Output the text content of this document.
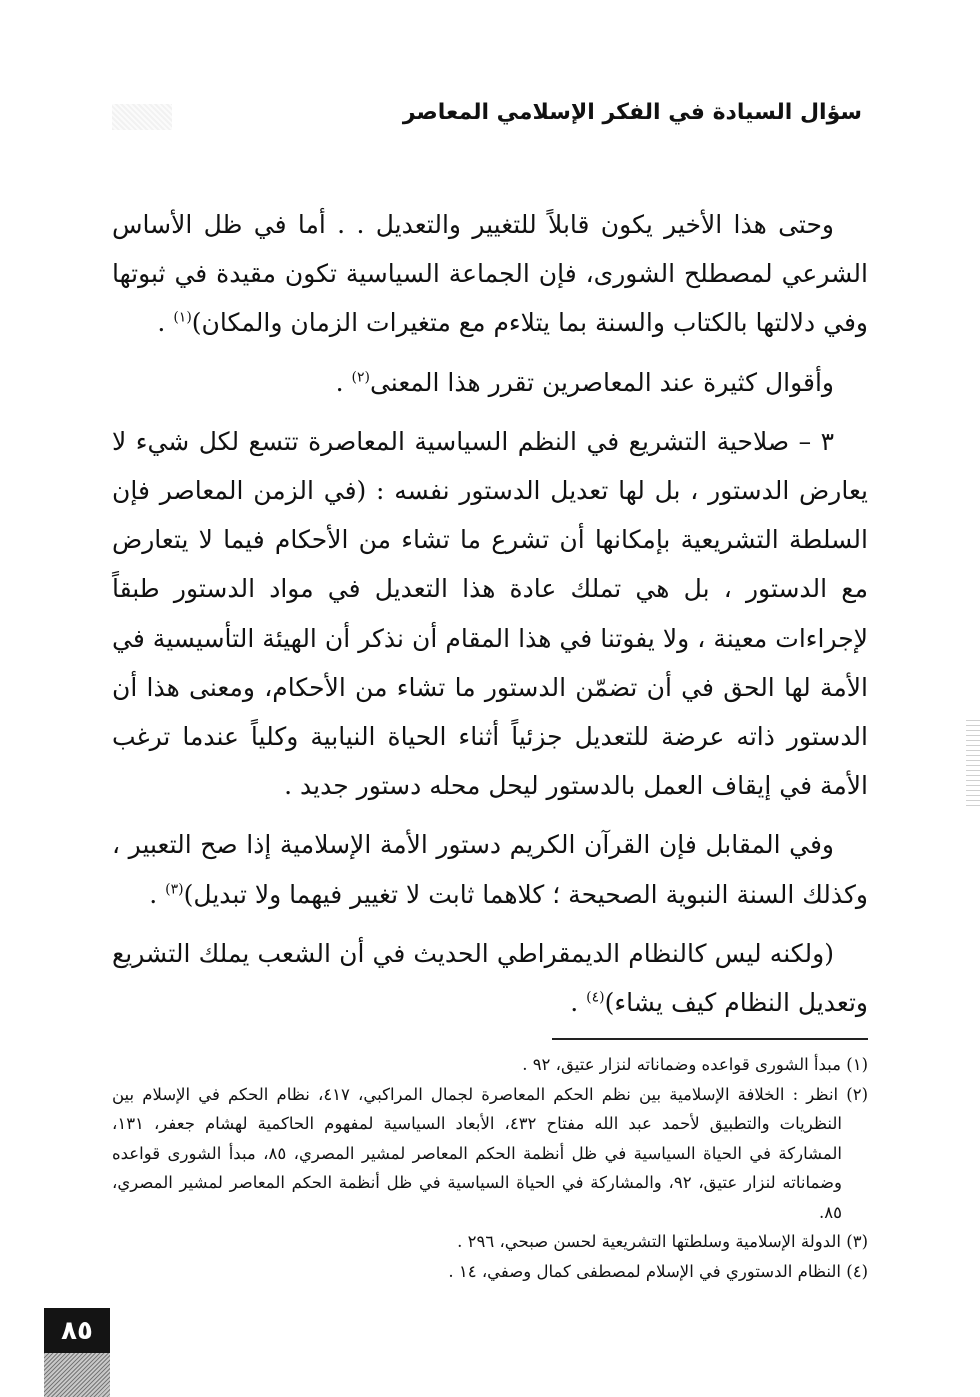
سؤال السيادة في الفكر الإسلامي المعاصر

وحتى هذا الأخير يكون قابلاً للتغيير والتعديل . . أما في ظل الأساس الشرعي لمصطلح الشورى، فإن الجماعة السياسية تكون مقيدة في ثبوتها وفي دلالتها بالكتاب والسنة بما يتلاءم مع متغيرات الزمان والمكان)$^{(١)}$ .

وأقوال كثيرة عند المعاصرين تقرر هذا المعنى$^{(٢)}$ .

٣ – صلاحية التشريع في النظم السياسية المعاصرة تتسع لكل شيء لا يعارض الدستور ، بل لها تعديل الدستور نفسه : (في الزمن المعاصر فإن السلطة التشريعية بإمكانها أن تشرع ما تشاء من الأحكام فيما لا يتعارض مع الدستور ، بل هي تملك عادة هذا التعديل في مواد الدستور طبقاً لإجراءات معينة ، ولا يفوتنا في هذا المقام أن نذكر أن الهيئة التأسيسية في الأمة لها الحق في أن تضمّن الدستور ما تشاء من الأحكام، ومعنى هذا أن الدستور ذاته عرضة للتعديل جزئياً أثناء الحياة النيابية وكلياً عندما ترغب الأمة في إيقاف العمل بالدستور ليحل محله دستور جديد .

وفي المقابل فإن القرآن الكريم دستور الأمة الإسلامية إذا صح التعبير ، وكذلك السنة النبوية الصحيحة ؛ كلاهما ثابت لا تغيير فيهما ولا تبديل)$^{(٣)}$ .

(ولكنه ليس كالنظام الديمقراطي الحديث في أن الشعب يملك التشريع وتعديل النظام كيف يشاء)$^{(٤)}$ .

(١) مبدأ الشورى قواعده وضماناته لنزار عتيق، ٩٢ .

(٢) انظر : الخلافة الإسلامية بين نظم الحكم المعاصرة لجمال المراكبي، ٤١٧، نظام الحكم في الإسلام بين النظريات والتطبيق لأحمد عبد الله مفتاح ٤٣٢، الأبعاد السياسية لمفهوم الحاكمية لهشام جعفر، ١٣١، المشاركة في الحياة السياسية في ظل أنظمة الحكم المعاصر لمشير المصري، ٨٥، مبدأ الشورى قواعده وضماناته لنزار عتيق، ٩٢، والمشاركة في الحياة السياسية في ظل أنظمة الحكم المعاصر لمشير المصري، ٨٥.

(٣) الدولة الإسلامية وسلطتها التشريعية لحسن صبحي، ٢٩٦ .

(٤) النظام الدستوري في الإسلام لمصطفى كمال وصفي، ١٤ .

٨٥
